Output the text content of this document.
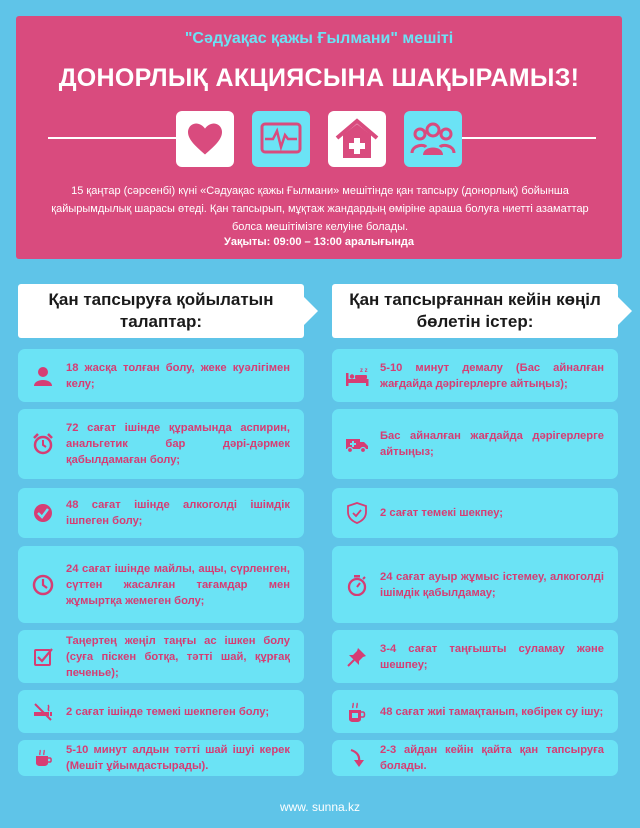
"Сәдуақас қажы Ғылмани" мешіті
ДОНОРЛЫҚ АКЦИЯСЫНА ШАҚЫРАМЫЗ!
15 қаңтар (сәрсенбі) күні «Сәдуақас қажы Ғылмани» мешітінде қан тапсыру (донорлық) бойынша қайырымдылық шарасы өтеді. Қан тапсырып, мұқтаж жандардың өміріне араша болуға ниетті азаматтар болса мешітімізге келуіне болады.
Уақыты: 09:00 – 13:00 аралығында
Қан тапсыруға қойылатын талаптар:
18 жасқа толған болу, жеке куәлігімен келу;
72 сағат ішінде құрамында аспирин, анальгетик бар дәрі-дәрмек қабылдамаған болу;
48 сағат ішінде алкоголді ішімдік ішпеген болу;
24 сағат ішінде майлы, ащы, сүрленген, сүттен жасалған тағамдар мен жұмыртқа жемеген болу;
Таңертең жеңіл таңғы ас ішкен болу (суға піскен ботқа, тәтті шай, құрғақ печенье);
2 сағат ішінде темекі шекпеген болу;
5-10 минут алдын тәтті шай ішуі керек (Мешіт ұйымдастырады).
Қан тапсырғаннан кейін көңіл бөлетін істер:
z z 5-10 минут демалу (Бас айналған жағдайда дәрігерлерге айтыңыз);
Бас айналған жағдайда дәрігерлерге айтыңыз;
2 сағат темекі шекпеу;
24 сағат ауыр жұмыс істемеу, алкоголді ішімдік қабылдамау;
3-4 сағат таңғышты суламау және шешпеу;
48 сағат жиі тамақтанып, көбірек су ішу;
2-3 айдан кейін қайта қан тапсыруға болады.
www. sunna.kz
